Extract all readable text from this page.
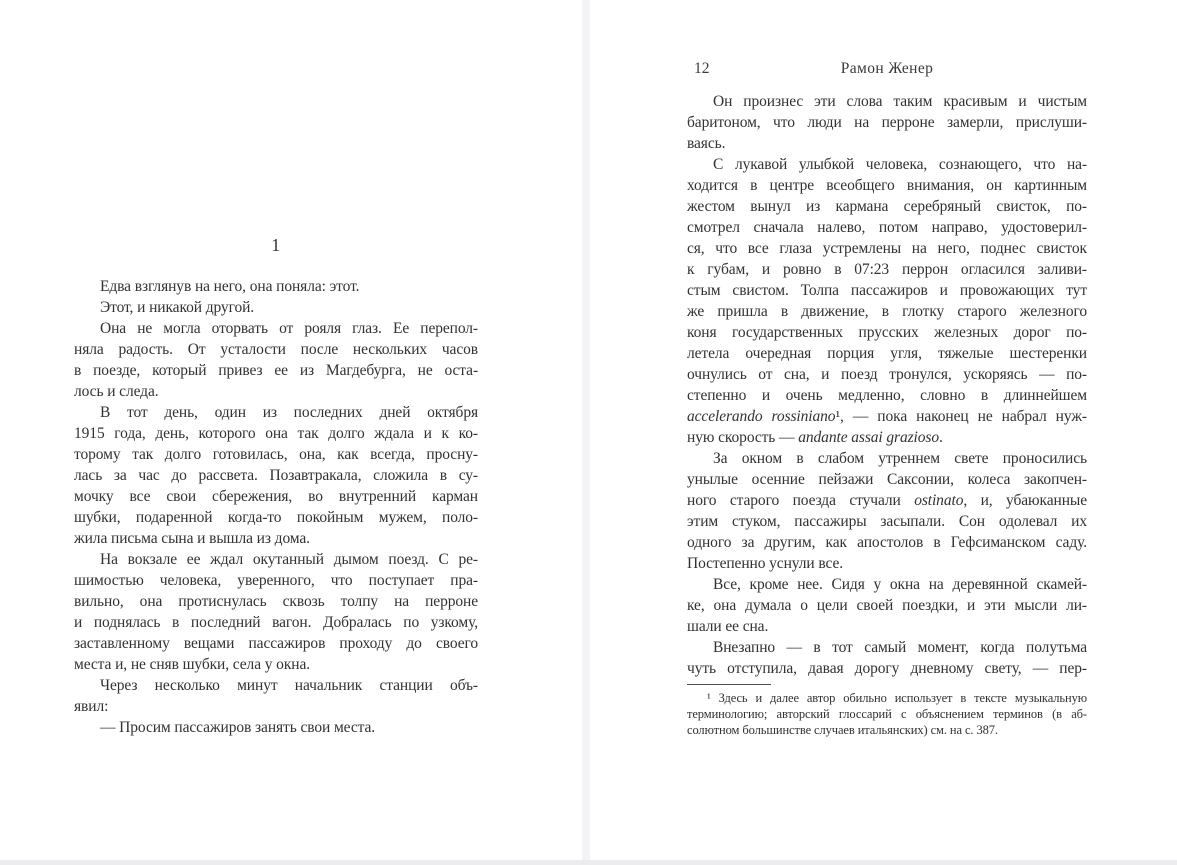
1
Едва взглянув на него, она поняла: этот.
Этот, и никакой другой.
Она не могла оторвать от рояля глаз. Ее перепол-
няла радость. От усталости после нескольких часов
в поезде, который привез ее из Магдебурга, не оста-
лось и следа.
В тот день, один из последних дней октября
1915 года, день, которого она так долго ждала и к ко-
торому так долго готовилась, она, как всегда, просну-
лась за час до рассвета. Позавтракала, сложила в су-
мочку все свои сбережения, во внутренний карман
шубки, подаренной когда-то покойным мужем, поло-
жила письма сына и вышла из дома.
На вокзале ее ждал окутанный дымом поезд. С ре-
шимостью человека, уверенного, что поступает пра-
вильно, она протиснулась сквозь толпу на перроне
и поднялась в последний вагон. Добралась по узкому,
заставленному вещами пассажиров проходу до своего
места и, не сняв шубки, села у окна.
Через несколько минут начальник станции объ-
явил:
— Просим пассажиров занять свои места.
12	Рамон Женер
Он произнес эти слова таким красивым и чистым
баритоном, что люди на перроне замерли, прислуши-
ваясь.
С лукавой улыбкой человека, сознающего, что на-
ходится в центре всеобщего внимания, он картинным
жестом вынул из кармана серебряный свисток, по-
смотрел сначала налево, потом направо, удостоверил-
ся, что все глаза устремлены на него, поднес свисток
к губам, и ровно в 07:23 перрон огласился заливи-
стым свистом. Толпа пассажиров и провожающих тут
же пришла в движение, в глотку старого железного
коня государственных прусских железных дорог по-
летела очередная порция угля, тяжелые шестеренки
очнулись от сна, и поезд тронулся, ускоряясь — по-
степенно и очень медленно, словно в длиннейшем
accelerando rossiniano¹, — пока наконец не набрал нуж-
ную скорость — andante assai grazioso.
За окном в слабом утреннем свете проносились
унылые осенние пейзажи Саксонии, колеса закопчен-
ного старого поезда стучали ostinato, и, убаюканные
этим стуком, пассажиры засыпали. Сон одолевал их
одного за другим, как апостолов в Гефсиманском саду.
Постепенно уснули все.
Все, кроме нее. Сидя у окна на деревянной скамей-
ке, она думала о цели своей поездки, и эти мысли ли-
шали ее сна.
Внезапно — в тот самый момент, когда полутьма
чуть отступила, давая дорогу дневному свету, — пер-
¹ Здесь и далее автор обильно использует в тексте музыкальную
терминологию; авторский глоссарий с объяснением терминов (в аб-
солютном большинстве случаев итальянских) см. на с. 387.
